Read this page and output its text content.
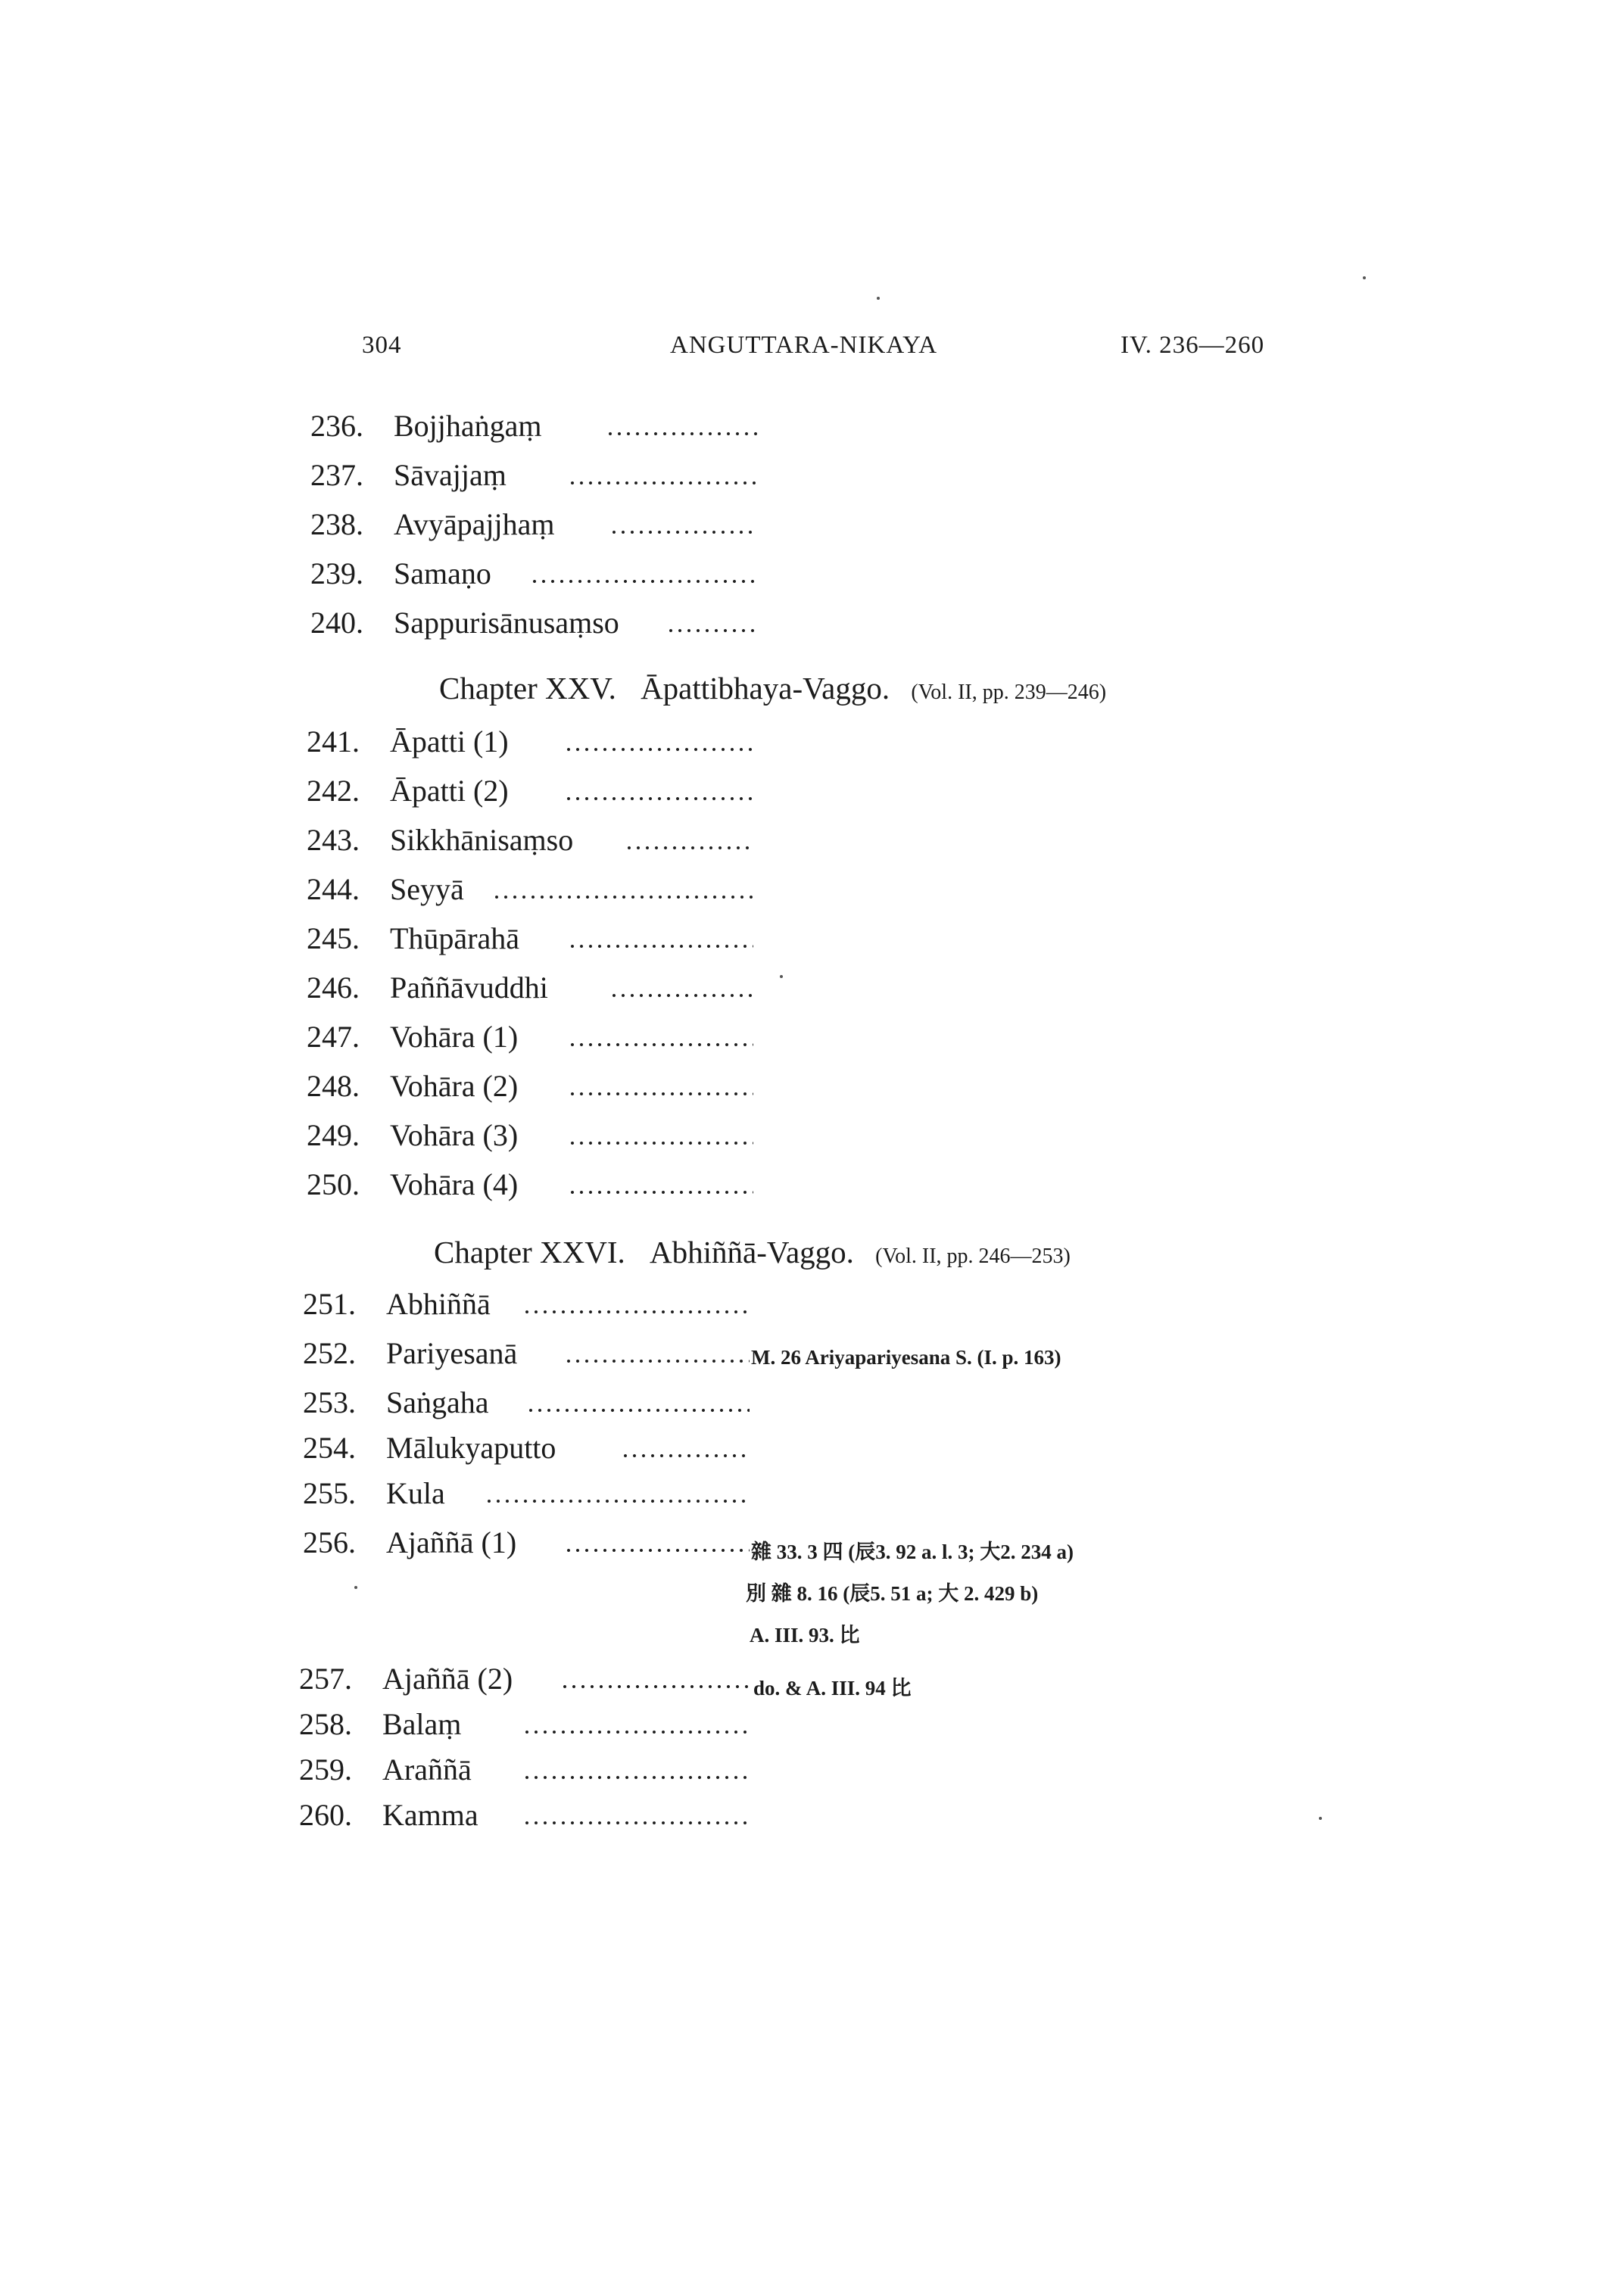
304	ANGUTTARA-NIKAYA	IV. 236—260
236. Bojjhaṅgaṃ
237. Sāvajjaṃ
238. Avyāpajjhaṃ
239. Samaṇo
240. Sappurisānusaṃso
Chapter XXV. Āpattibhaya-Vaggo. (Vol. II, pp. 239—246)
241. Āpatti (1)
242. Āpatti (2)
243. Sikkhānisaṃso
244. Seyyā
245. Thūpārahā
246. Paññāvuddhi
247. Vohāra (1)
248. Vohāra (2)
249. Vohāra (3)
250. Vohāra (4)
Chapter XXVI. Abhiññā-Vaggo. (Vol. II, pp. 246—253)
251. Abhiññā
252. Pariyesanā	M. 26 Ariyapariyesana S. (I. p. 163)
253. Saṅgaha
254. Mālukyaputto
255. Kula
256. Ajaññā (1)	雜 33. 3 四 (辰3. 92 a. l. 3; 大2. 234 a)
別 雜 8. 16 (辰5. 51 a; 大 2. 429 b)
A. III. 93. 比
257. Ajaññā (2)	do. & A. III. 94 比
258. Balaṃ
259. Araññā
260. Kamma
